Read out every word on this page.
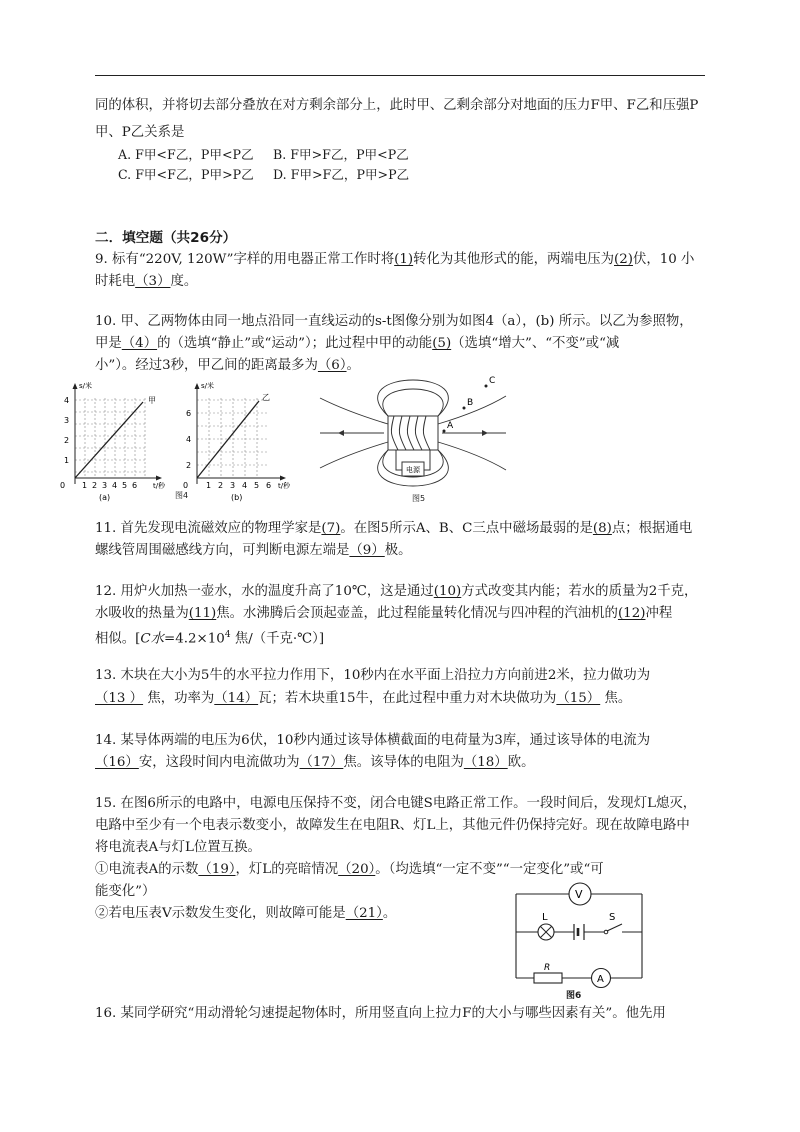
同的体积，并将切去部分叠放在对方剩余部分上，此时甲、乙剩余部分对地面的压力F甲、F乙和压强P
甲、P乙关系是
A. F甲<F乙，P甲<P乙 B. F甲>F乙，P甲<P乙
C. F甲<F乙，P甲>P乙 D. F甲>F乙，P甲>P乙
二．填空题（共26分）
9. 标有“220V, 120W”字样的用电器正常工作时将(1)转化为其他形式的能，两端电压为(2)伏，10 小
时耗电（3）度。
10. 甲、乙两物体由同一地点沿同一直线运动的s-t图像分别为如图4（a），(b) 所示。以乙为参照物，
甲是（4）的（选填“静止”或“运动”）；此过程中甲的动能(5)（选填“增大”、“不变”或“减
小”）。经过3秒，甲乙间的距离最多为（6）。
s/米
甲
4
3
2
1
0 1 2 3 4 5 6 t/秒
(a)
s/米
乙
6
4
2
0 1 2 3 4 5 6 t/秒
(b)
图4
电源
A
B
C
图5
11. 首先发现电流磁效应的物理学家是(7)。在图5所示A、B、C三点中磁场最弱的是(8)点；根据通电
螺线管周围磁感线方向，可判断电源左端是（9）极。
12. 用炉火加热一壶水，水的温度升高了10℃，这是通过(10)方式改变其内能；若水的质量为2千克，
水吸收的热量为(11)焦。水沸腾后会顶起壶盖，此过程能量转化情况与四冲程的汽油机的(12)冲程
相似。[C水$=4.2\times 10^4$ 焦/（千克·℃）]
13. 木块在大小为5牛的水平拉力作用下，10秒内在水平面上沿拉力方向前进2米，拉力做功为
（13 ） 焦，功率为（14）瓦；若木块重15牛，在此过程中重力对木块做功为（15） 焦。
14. 某导体两端的电压为6伏，10秒内通过该导体横截面的电荷量为3库，通过该导体的电流为
（16）安，这段时间内电流做功为（17）焦。该导体的电阻为（18）欧。
15. 在图6所示的电路中，电源电压保持不变，闭合电键S电路正常工作。一段时间后，发现灯L熄灭，
电路中至少有一个电表示数变小，故障发生在电阻R、灯L上，其他元件仍保持完好。现在故障电路中
将电流表A与灯L位置互换。
①电流表A的示数（19），灯L的亮暗情况（20）。（均选填“一定不变”“一定变化”或“可
能变化”）
②若电压表V示数发生变化，则故障可能是（21）。
V
L	S
R
A
图6
16. 某同学研究“用动滑轮匀速提起物体时，所用竖直向上拉力F的大小与哪些因素有关”。他先用
